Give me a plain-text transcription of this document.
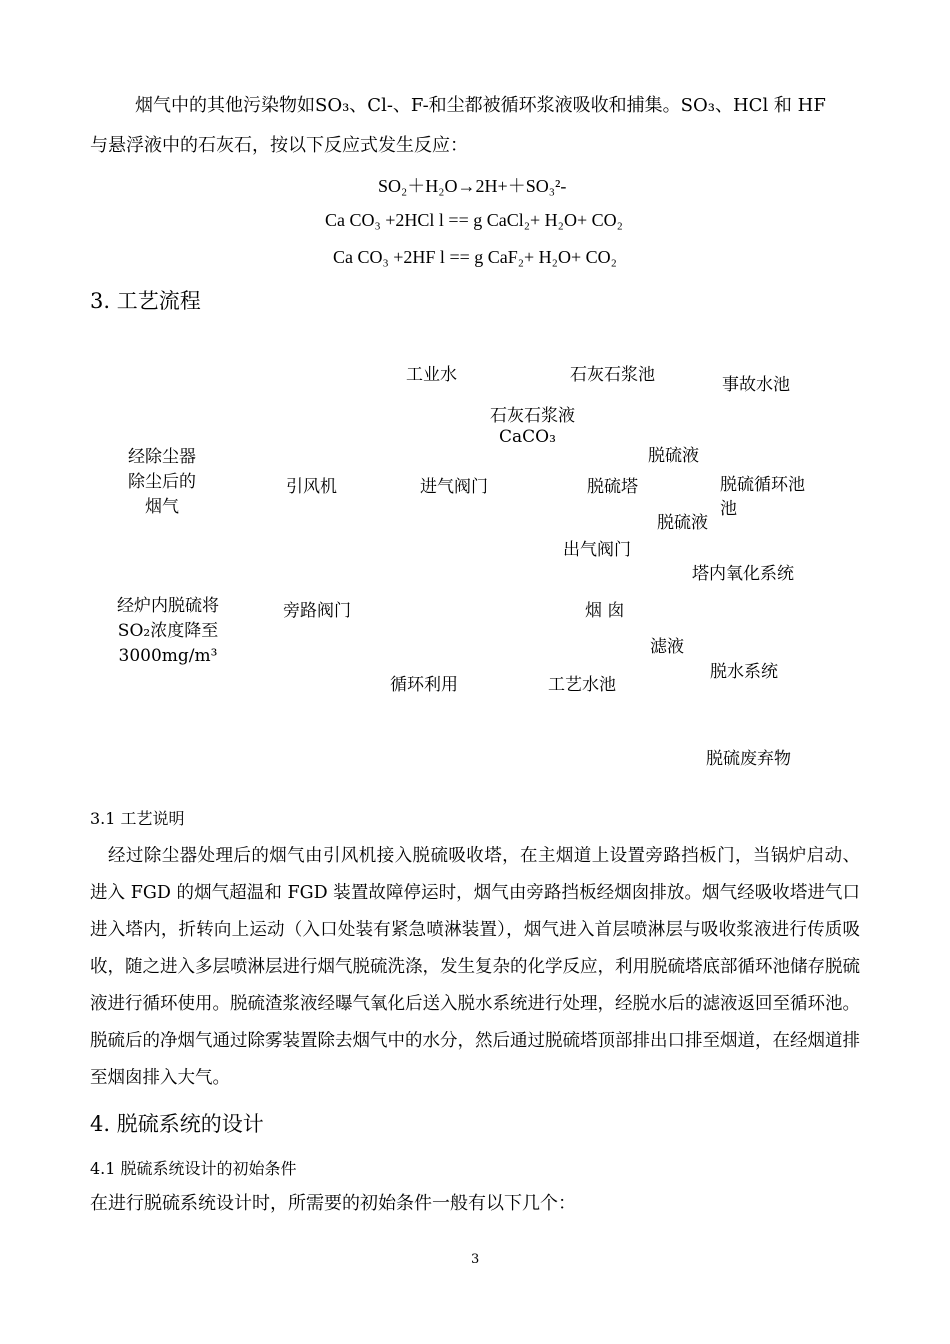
烟气中的其他污染物如SO₃、Cl-、F-和尘都被循环浆液吸收和捕集。SO₃、HCl 和 HF
与悬浮液中的石灰石，按以下反应式发生反应：
SO₂＋H₂O→2H+＋SO₃²-
Ca CO₃ +2HCl l == g CaCl₂+ H₂O+ CO₂
Ca CO₃ +2HF l == g CaF₂+ H₂O+ CO₂
3. 工艺流程
工业水	石灰石浆池	事故水池
石灰石浆液
CaCO₃
脱硫液
经除尘器
除尘后的
烟气
引风机	进气阀门	脱硫塔	脱硫循环池
池
脱硫液
出气阀门
塔内氧化系统
经炉内脱硫将
SO₂浓度降至
3000mg/m³
旁路阀门	烟 囱
滤液
脱水系统
循环利用	工艺水池
脱硫废弃物
3.1 工艺说明
经过除尘器处理后的烟气由引风机接入脱硫吸收塔，在主烟道上设置旁路挡板门，当锅炉启动、进入 FGD 的烟气超温和 FGD 装置故障停运时，烟气由旁路挡板经烟囱排放。烟气经吸收塔进气口进入塔内，折转向上运动（入口处装有紧急喷淋装置），烟气进入首层喷淋层与吸收浆液进行传质吸收，随之进入多层喷淋层进行烟气脱硫洗涤，发生复杂的化学反应，利用脱硫塔底部循环池储存脱硫液进行循环使用。脱硫渣浆液经曝气氧化后送入脱水系统进行处理，经脱水后的滤液返回至循环池。脱硫后的净烟气通过除雾装置除去烟气中的水分，然后通过脱硫塔顶部排出口排至烟道，在经烟道排至烟囱排入大气。
4. 脱硫系统的设计
4.1 脱硫系统设计的初始条件
在进行脱硫系统设计时，所需要的初始条件一般有以下几个：
3
